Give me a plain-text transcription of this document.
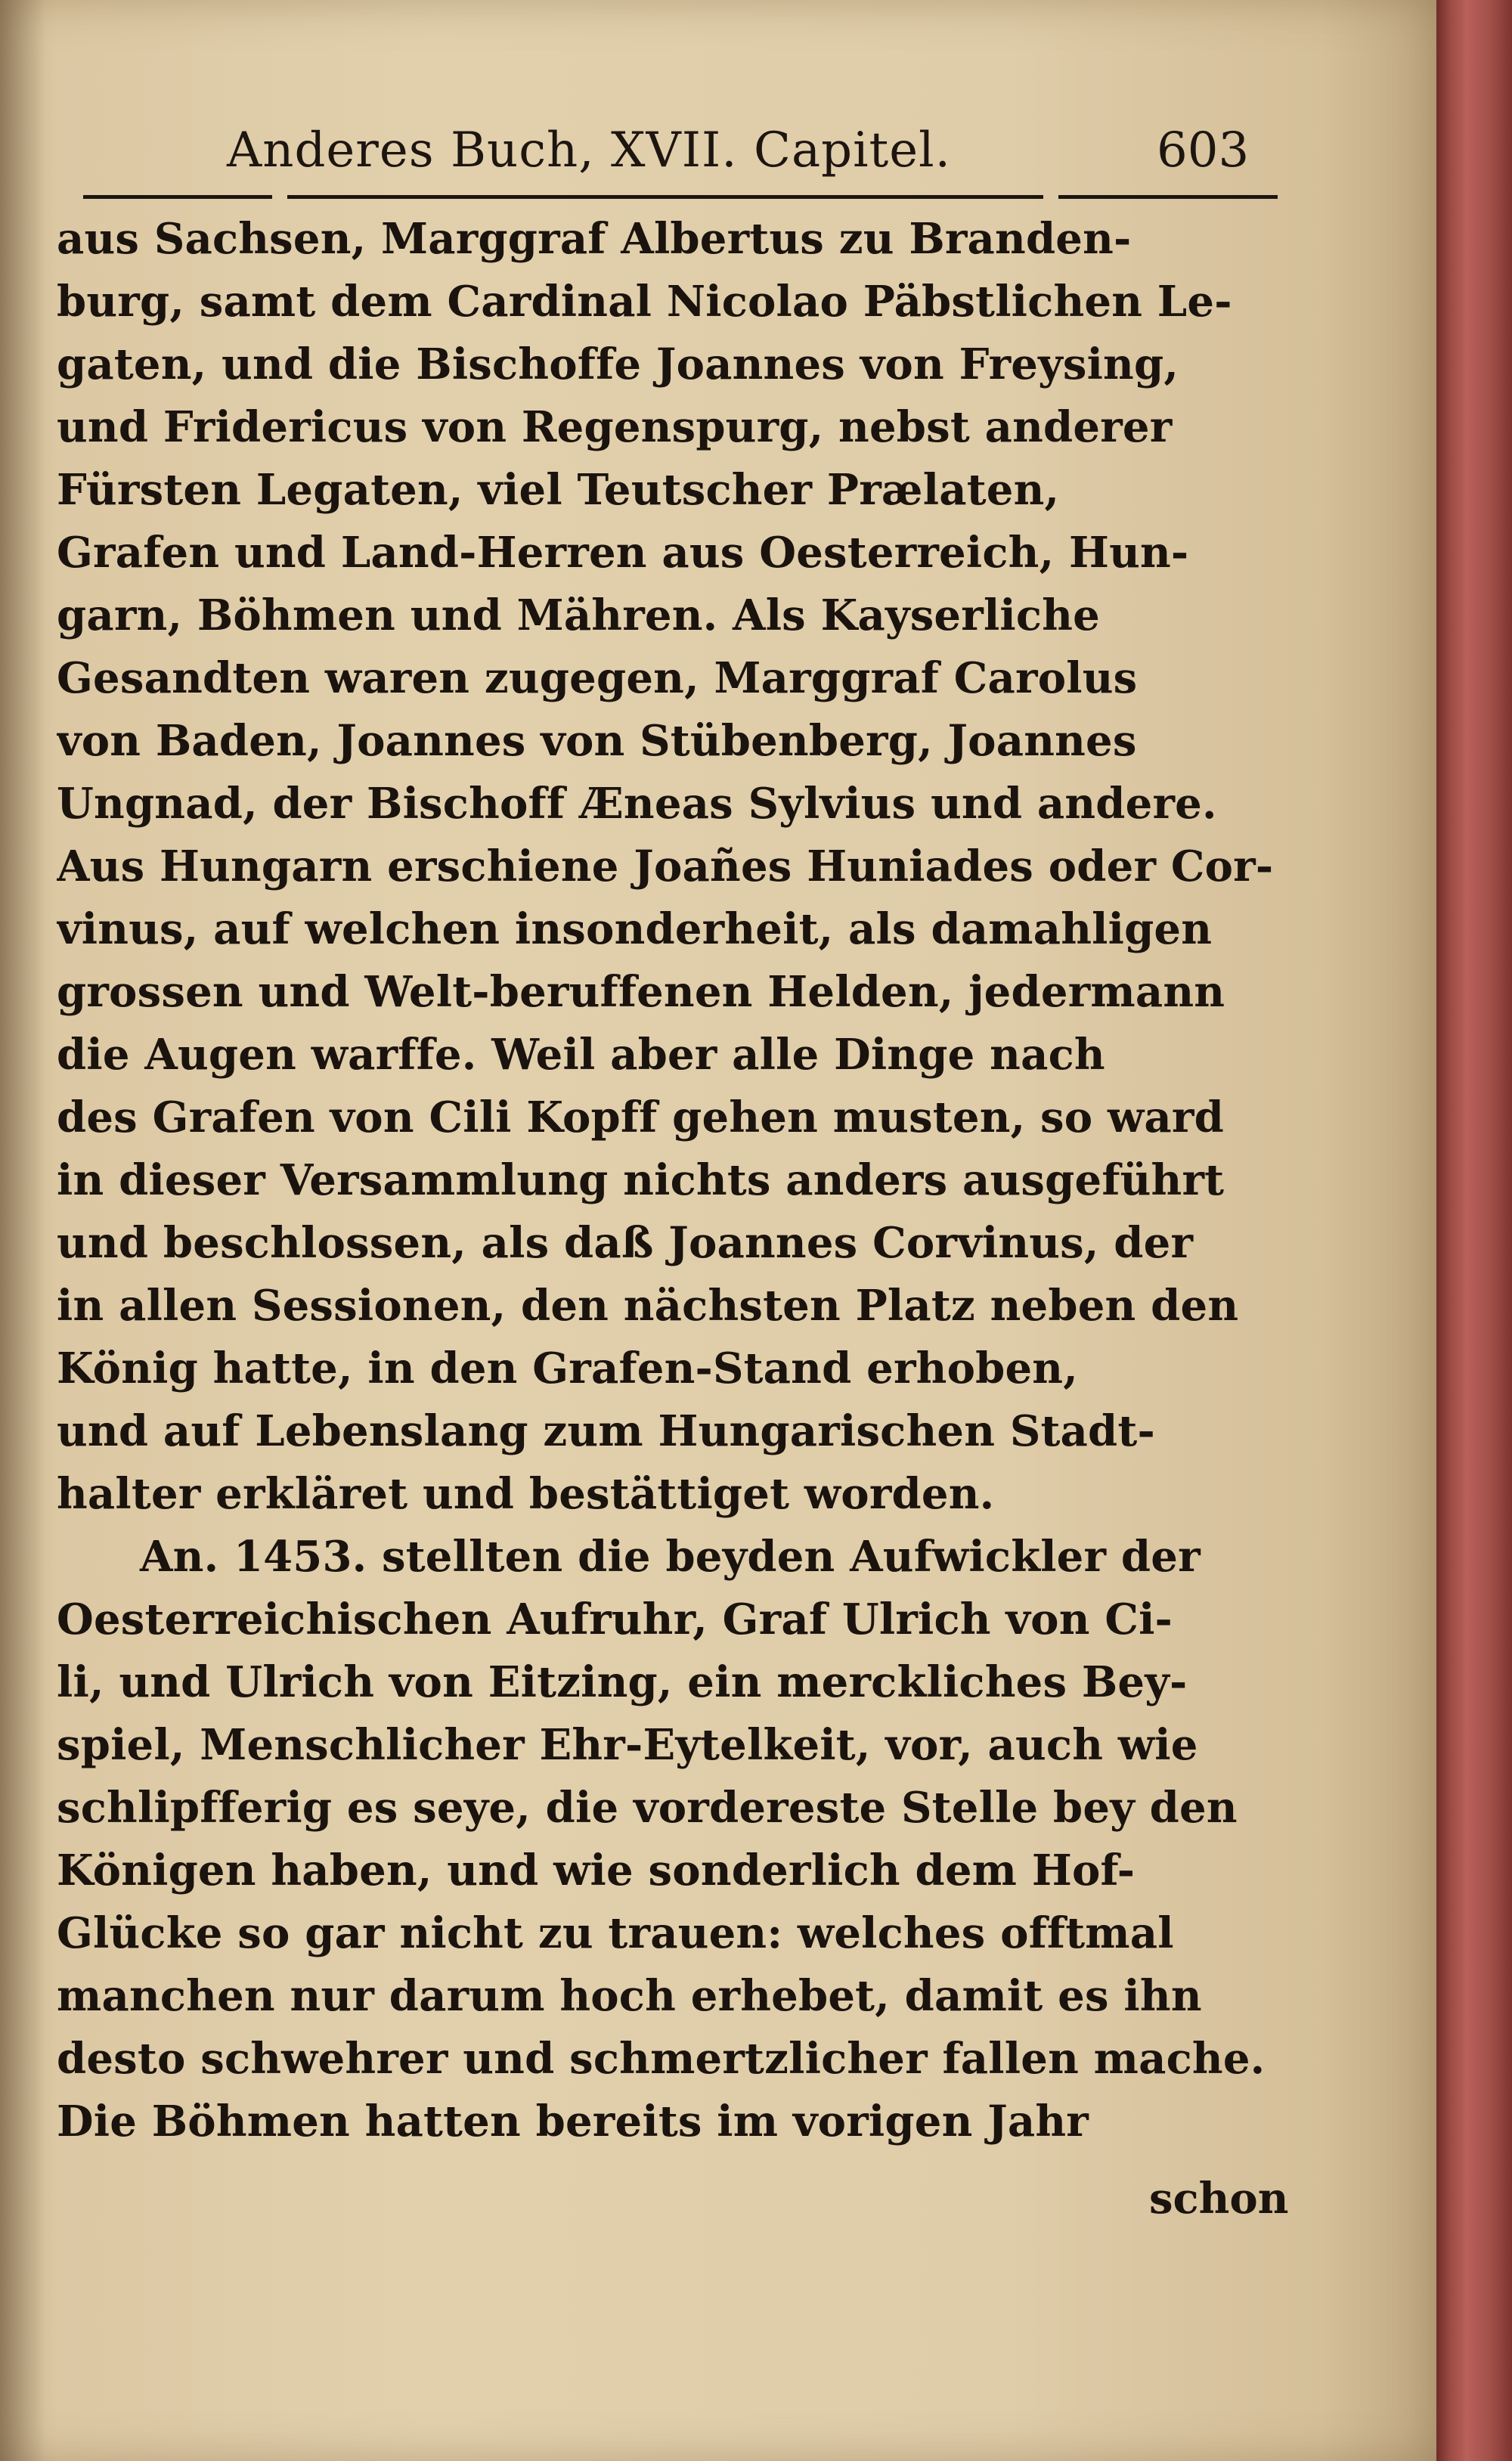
Anderes Buch, XVII. Capitel.	603
aus Sachsen, Marggraf Albertus zu Branden-
burg, samt dem Cardinal Nicolao Päbstlichen Le-
gaten, und die Bischoffe Joannes von Freysing,
und Fridericus von Regenspurg, nebst anderer
Fürsten Legaten, viel Teutscher Prælaten,
Grafen und Land-Herren aus Oesterreich, Hun-
garn, Böhmen und Mähren. Als Kayserliche
Gesandten waren zugegen, Marggraf Carolus
von Baden, Joannes von Stübenberg, Joannes
Ungnad, der Bischoff Æneas Sylvius und andere.
Aus Hungarn erschiene Joañes Huniades oder Cor-
vinus, auf welchen insonderheit, als damahligen
grossen und Welt-beruffenen Helden, jedermann
die Augen warffe. Weil aber alle Dinge nach
des Grafen von Cili Kopff gehen musten, so ward
in dieser Versammlung nichts anders ausgeführt
und beschlossen, als daß Joannes Corvinus, der
in allen Sessionen, den nächsten Platz neben den
König hatte, in den Grafen-Stand erhoben,
und auf Lebenslang zum Hungarischen Stadt-
halter erkläret und bestättiget worden.
An. 1453. stellten die beyden Aufwickler der
Oesterreichischen Aufruhr, Graf Ulrich von Ci-
li, und Ulrich von Eitzing, ein merckliches Bey-
spiel, Menschlicher Ehr-Eytelkeit, vor, auch wie
schlipfferig es seye, die vordereste Stelle bey den
Königen haben, und wie sonderlich dem Hof-
Glücke so gar nicht zu trauen: welches offtmal
manchen nur darum hoch erhebet, damit es ihn
desto schwehrer und schmertzlicher fallen mache.
Die Böhmen hatten bereits im vorigen Jahr
schon
